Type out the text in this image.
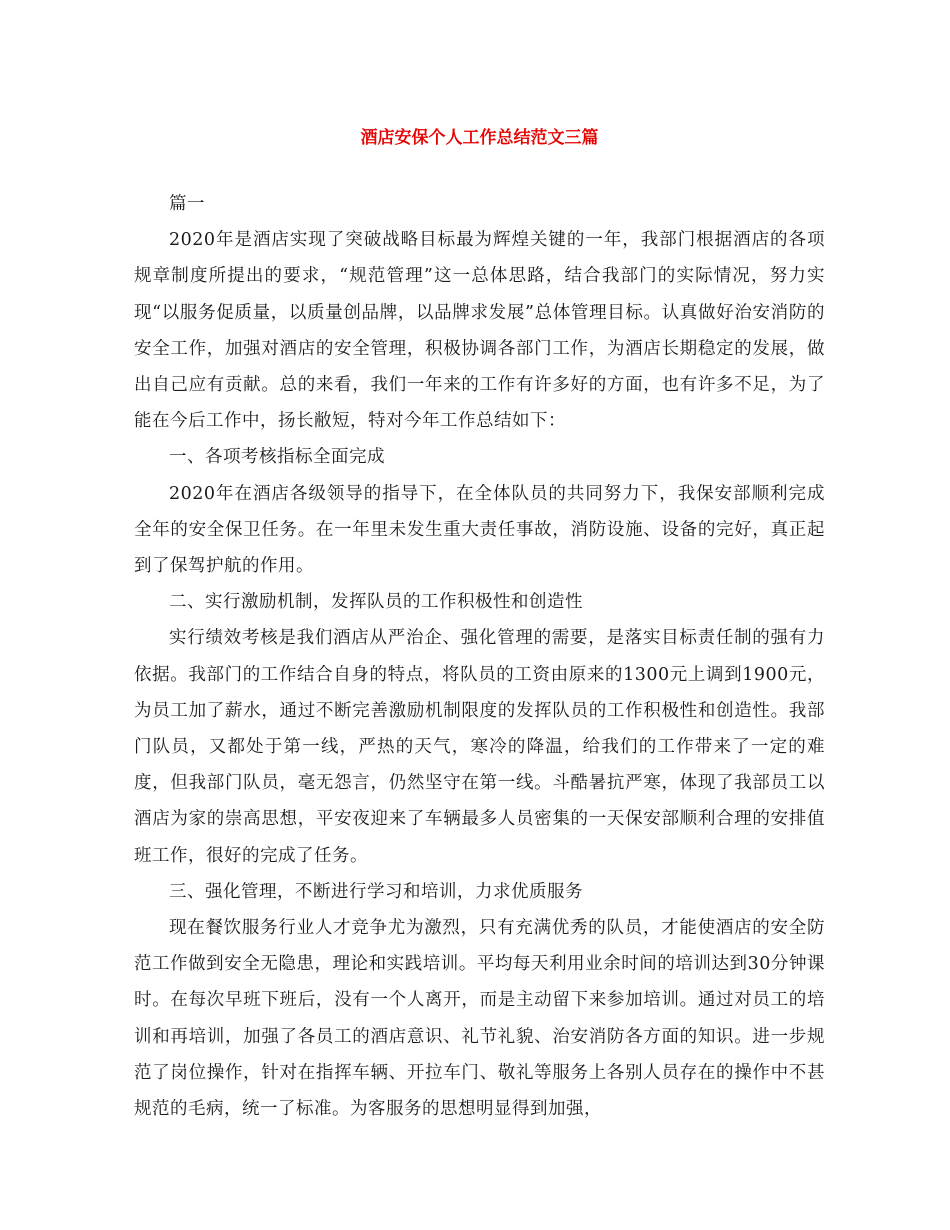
酒店安保个人工作总结范文三篇

篇一

2020年是酒店实现了突破战略目标最为辉煌关键的一年，我部门根据酒店的各项规章制度所提出的要求，“规范管理”这一总体思路，结合我部门的实际情况，努力实现“以服务促质量，以质量创品牌，以品牌求发展”总体管理目标。认真做好治安消防的安全工作，加强对酒店的安全管理，积极协调各部门工作，为酒店长期稳定的发展，做出自己应有贡献。总的来看，我们一年来的工作有许多好的方面，也有许多不足，为了能在今后工作中，扬长敝短，特对今年工作总结如下：

一、各项考核指标全面完成

2020年在酒店各级领导的指导下，在全体队员的共同努力下，我保安部顺利完成全年的安全保卫任务。在一年里未发生重大责任事故，消防设施、设备的完好，真正起到了保驾护航的作用。

二、实行激励机制，发挥队员的工作积极性和创造性

实行绩效考核是我们酒店从严治企、强化管理的需要，是落实目标责任制的强有力依据。我部门的工作结合自身的特点，将队员的工资由原来的1300元上调到1900元，为员工加了薪水，通过不断完善激励机制限度的发挥队员的工作积极性和创造性。我部门队员，又都处于第一线，严热的天气，寒冷的降温，给我们的工作带来了一定的难度，但我部门队员，毫无怨言，仍然坚守在第一线。斗酷暑抗严寒，体现了我部员工以酒店为家的崇高思想，平安夜迎来了车辆最多人员密集的一天保安部顺利合理的安排值班工作，很好的完成了任务。

三、强化管理，不断进行学习和培训，力求优质服务

现在餐饮服务行业人才竞争尤为激烈，只有充满优秀的队员，才能使酒店的安全防范工作做到安全无隐患，理论和实践培训。平均每天利用业余时间的培训达到30分钟课时。在每次早班下班后，没有一个人离开，而是主动留下来参加培训。通过对员工的培训和再培训，加强了各员工的酒店意识、礼节礼貌、治安消防各方面的知识。进一步规范了岗位操作，针对在指挥车辆、开拉车门、敬礼等服务上各别人员存在的操作中不甚规范的毛病，统一了标准。为客服务的思想明显得到加强，
